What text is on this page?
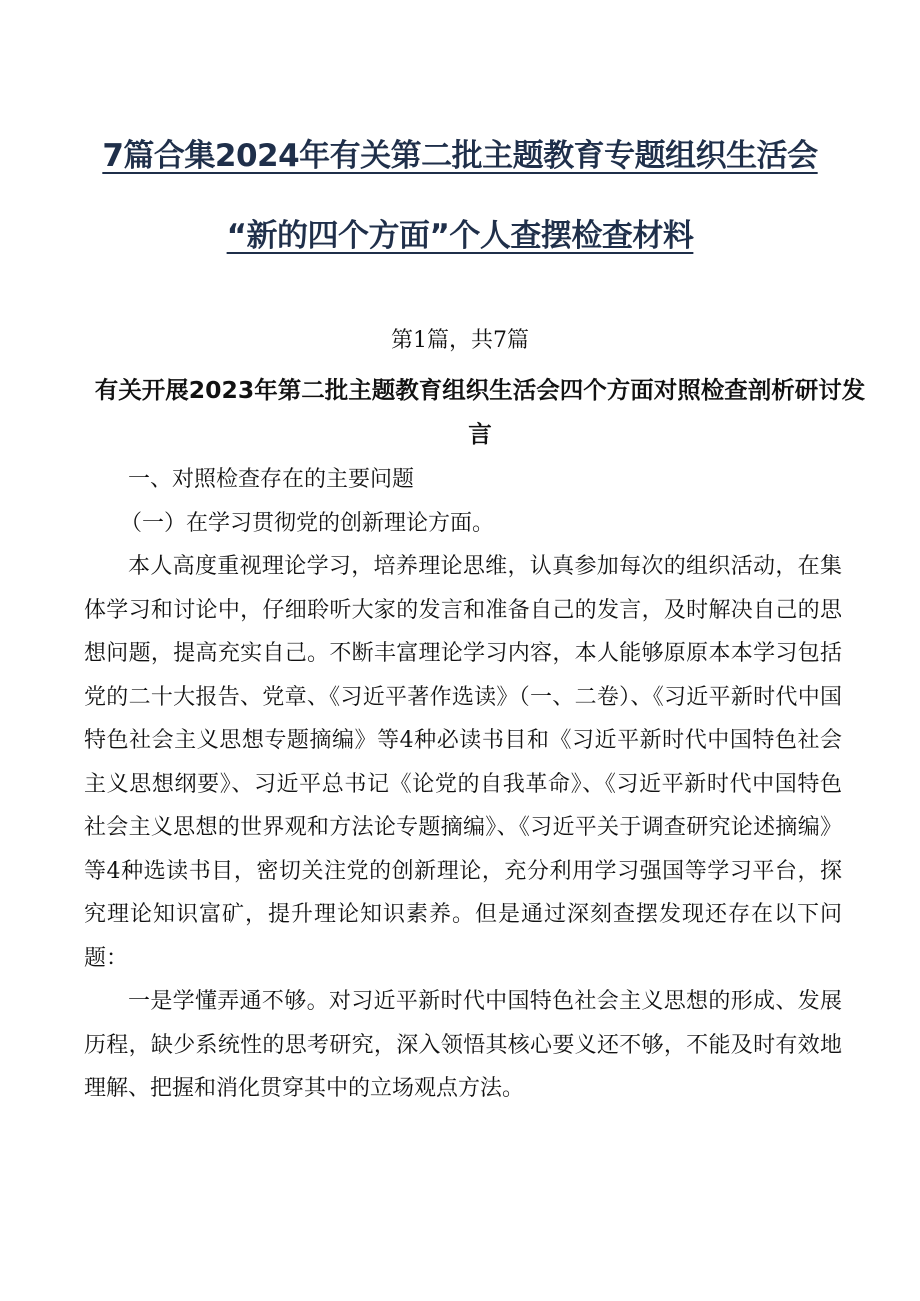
7篇合集2024年有关第二批主题教育专题组织生活会
“新的四个方面”个人查摆检查材料
第1篇，共7篇
有关开展2023年第二批主题教育组织生活会四个方面对照检查剖析研讨发言

一、对照检查存在的主要问题

（一）在学习贯彻党的创新理论方面。

本人高度重视理论学习，培养理论思维，认真参加每次的组织活动，在集体学习和讨论中，仔细聆听大家的发言和准备自己的发言，及时解决自己的思想问题，提高充实自己。不断丰富理论学习内容，本人能够原原本本学习包括党的二十大报告、党章、《习近平著作选读》（一、二卷）、《习近平新时代中国特色社会主义思想专题摘编》等4种必读书目和《习近平新时代中国特色社会主义思想纲要》、习近平总书记《论党的自我革命》、《习近平新时代中国特色社会主义思想的世界观和方法论专题摘编》、《习近平关于调查研究论述摘编》等4种选读书目，密切关注党的创新理论，充分利用学习强国等学习平台，探究理论知识富矿，提升理论知识素养。但是通过深刻查摆发现还存在以下问题：

一是学懂弄通不够。对习近平新时代中国特色社会主义思想的形成、发展历程，缺少系统性的思考研究，深入领悟其核心要义还不够，不能及时有效地理解、把握和消化贯穿其中的立场观点方法。
